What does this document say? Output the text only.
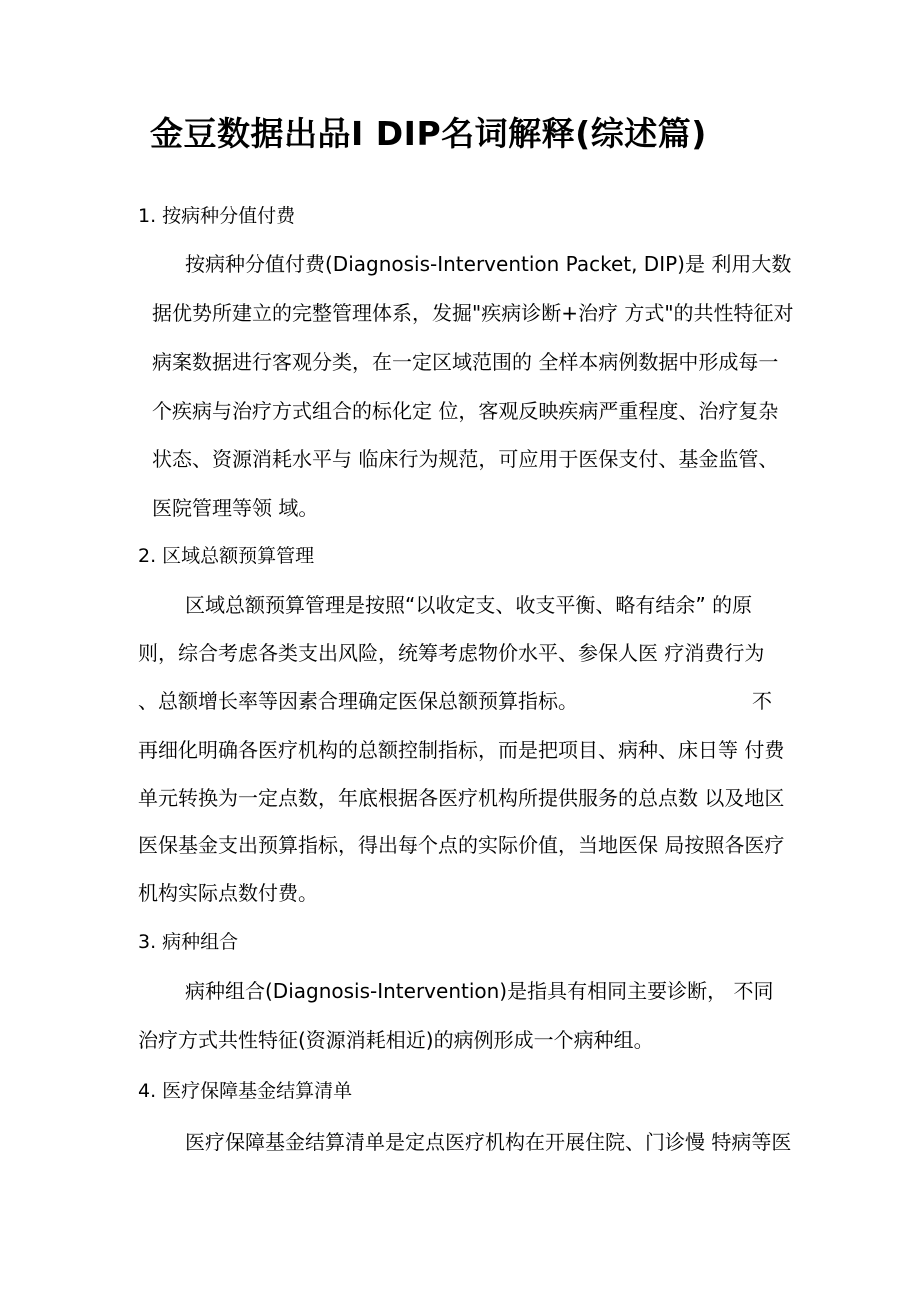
金豆数据出品I DIP名词解释(综述篇)
1. 按病种分值付费
按病种分值付费(Diagnosis-Intervention Packet, DIP)是 利用大数
据优势所建立的完整管理体系，发掘"疾病诊断+治疗 方式"的共性特征对
病案数据进行客观分类，在一定区域范围的 全样本病例数据中形成每一
个疾病与治疗方式组合的标化定 位，客观反映疾病严重程度、治疗复杂
状态、资源消耗水平与 临床行为规范，可应用于医保支付、基金监管、
医院管理等领 域。
2. 区域总额预算管理
区域总额预算管理是按照“以收定支、收支平衡、略有结余” 的原
则，综合考虑各类支出风险，统筹考虑物价水平、参保人医 疗消费行为
、总额增长率等因素合理确定医保总额预算指标。	不
再细化明确各医疗机构的总额控制指标，而是把项目、病种、床日等 付费
单元转换为一定点数，年底根据各医疗机构所提供服务的总点数 以及地区
医保基金支出预算指标，得出每个点的实际价值，当地医保 局按照各医疗
机构实际点数付费。
3. 病种组合
病种组合(Diagnosis-Intervention)是指具有相同主要诊断， 不同
治疗方式共性特征(资源消耗相近)的病例形成一个病种组。
4. 医疗保障基金结算清单
医疗保障基金结算清单是定点医疗机构在开展住院、门诊慢 特病等医
